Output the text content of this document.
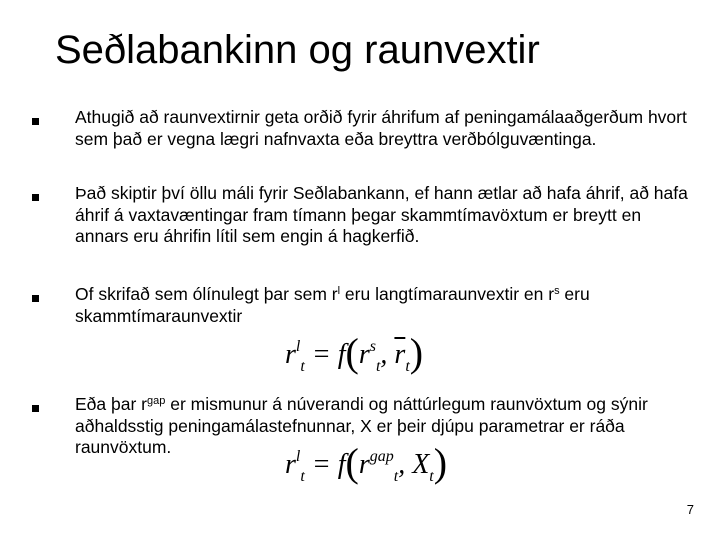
Seðlabankinn og raunvextir
Athugið að raunvextirnir geta orðið fyrir áhrifum af peningamálaaðgerðum hvort sem það er vegna lægri nafnvaxta eða breyttra verðbólguvæntinga.
Það skiptir því öllu máli fyrir Seðlabankann, ef hann ætlar að hafa áhrif, að hafa áhrif á vaxtavæntingar fram tímann þegar skammtímavöxtum er breytt en annars eru áhrifin lítil sem engin á hagkerfið.
Of skrifað sem ólínulegt þar sem $r^l$ eru langtímaraunvextir en $r^s$ eru skammtímaraunvextir
$r^l_t = f(r^s_t$, $\overline{r}_t$)
Eða þar $r^{gap}$ er mismunur á núverandi og náttúrlegum raunvöxtum og sýnir aðhaldsstig peningamálastefnunnar, X er þeir djúpu parametrar er ráða raunvöxtum.
$r^l_t = f(r^{gap}_t$, $X_t$)
7
